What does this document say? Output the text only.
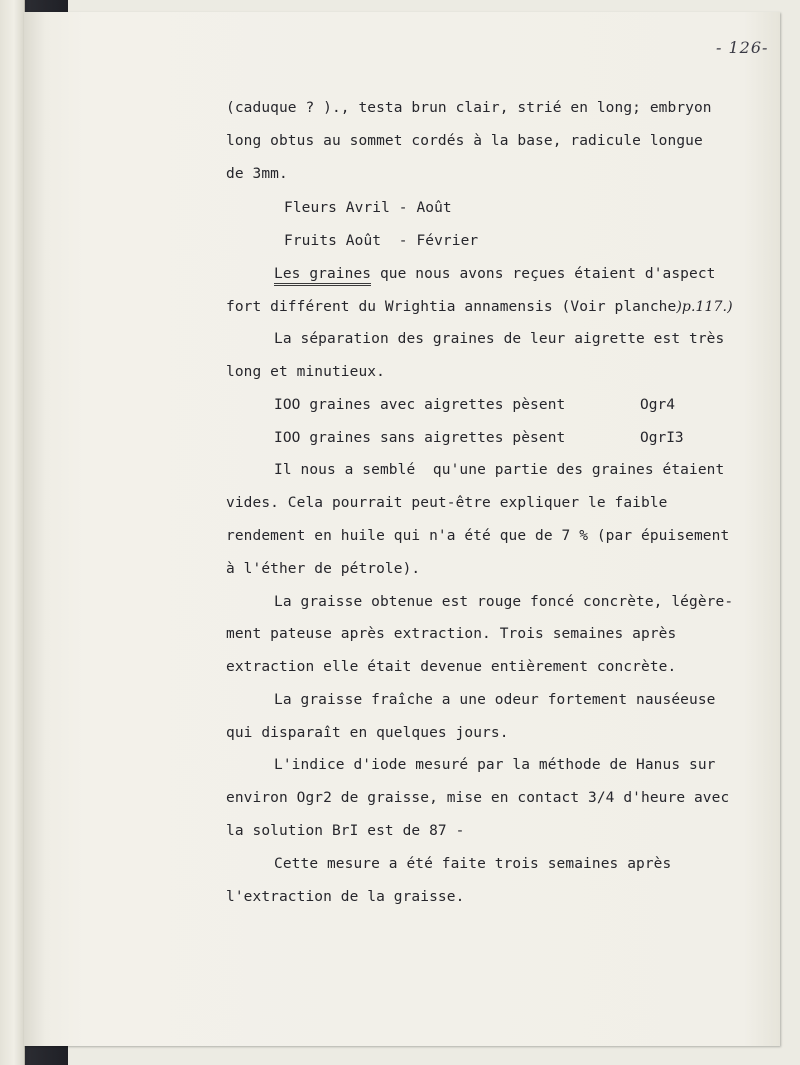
- 126-
(caduque ? )., testa brun clair, strié en long; embryon
long obtus au sommet cordés à la base, radicule longue
de 3mm.
Fleurs Avril - Août
Fruits Août  - Février
Les graines que nous avons reçues étaient d'aspect
fort différent du Wrightia annamensis (Voir planche)p.117.)
La séparation des graines de leur aigrette est très
long et minutieux.
IOO graines avec aigrettes pèsent	Ogr4
IOO graines sans aigrettes pèsent	OgrI3
Il nous a semblé  qu'une partie des graines étaient
vides. Cela pourrait peut-être expliquer le faible
rendement en huile qui n'a été que de 7 % (par épuisement
à l'éther de pétrole).
La graisse obtenue est rouge foncé concrète, légère-
ment pateuse après extraction. Trois semaines après
extraction elle était devenue entièrement concrète.
La graisse fraîche a une odeur fortement nauséeuse
qui disparaît en quelques jours.
L'indice d'iode mesuré par la méthode de Hanus sur
environ Ogr2 de graisse, mise en contact 3/4 d'heure avec
la solution BrI est de 87 -
Cette mesure a été faite trois semaines après
l'extraction de la graisse.
